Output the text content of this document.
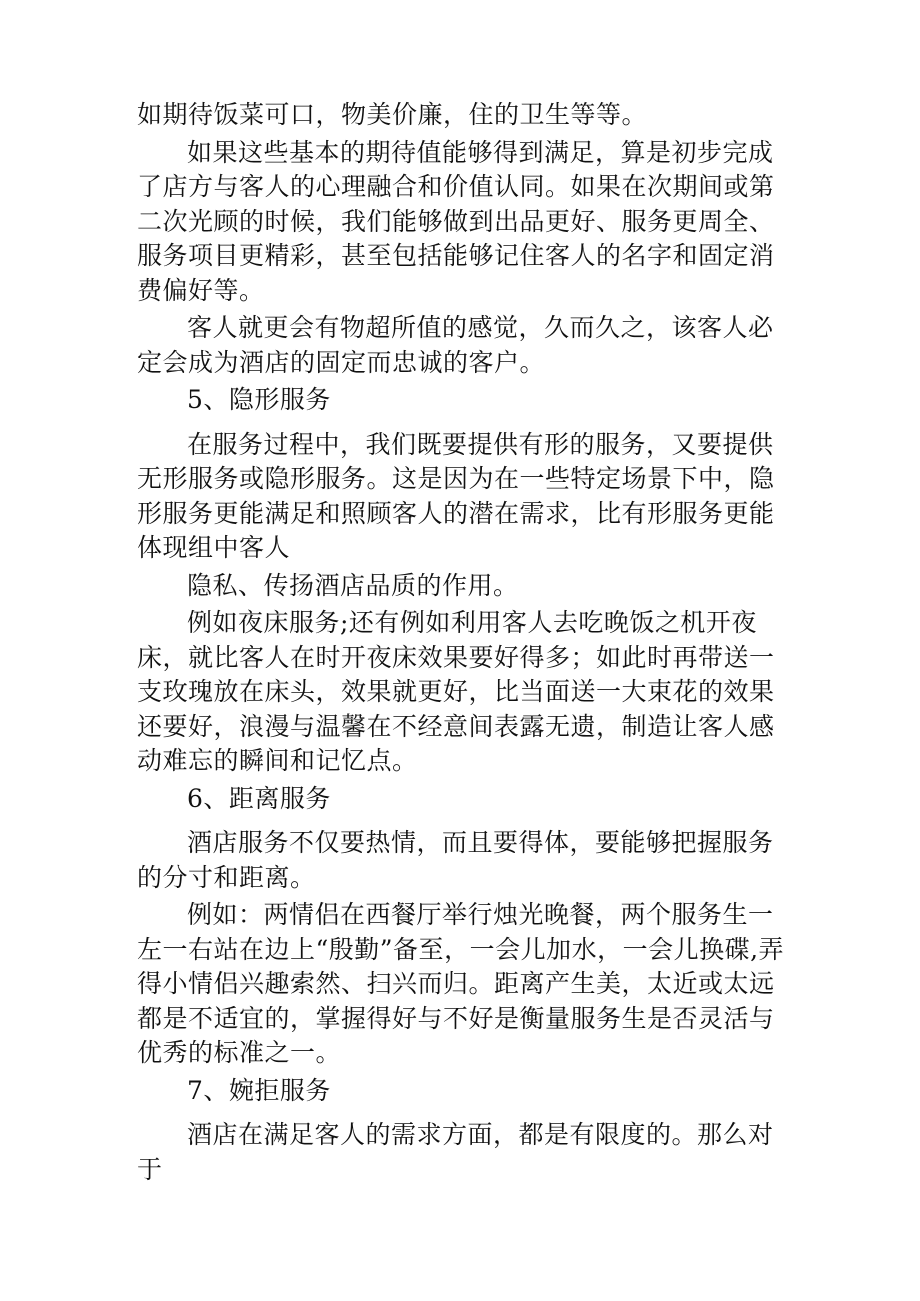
如期待饭菜可口，物美价廉，住的卫生等等。

如果这些基本的期待值能够得到满足，算是初步完成了店方与客人的心理融合和价值认同。如果在次期间或第二次光顾的时候，我们能够做到出品更好、服务更周全、服务项目更精彩，甚至包括能够记住客人的名字和固定消费偏好等。

客人就更会有物超所值的感觉，久而久之，该客人必定会成为酒店的固定而忠诚的客户。

5、隐形服务

在服务过程中，我们既要提供有形的服务，又要提供无形服务或隐形服务。这是因为在一些特定场景下中，隐形服务更能满足和照顾客人的潜在需求，比有形服务更能体现组中客人

隐私、传扬酒店品质的作用。

例如夜床服务;还有例如利用客人去吃晚饭之机开夜床，就比客人在时开夜床效果要好得多；如此时再带送一支玫瑰放在床头，效果就更好，比当面送一大束花的效果还要好，浪漫与温馨在不经意间表露无遗，制造让客人感动难忘的瞬间和记忆点。

6、距离服务

酒店服务不仅要热情，而且要得体，要能够把握服务的分寸和距离。

例如：两情侣在西餐厅举行烛光晚餐，两个服务生一左一右站在边上“殷勤”备至，一会儿加水，一会儿换碟,弄得小情侣兴趣索然、扫兴而归。距离产生美，太近或太远都是不适宜的，掌握得好与不好是衡量服务生是否灵活与优秀的标准之一。

7、婉拒服务

酒店在满足客人的需求方面，都是有限度的。那么对于
